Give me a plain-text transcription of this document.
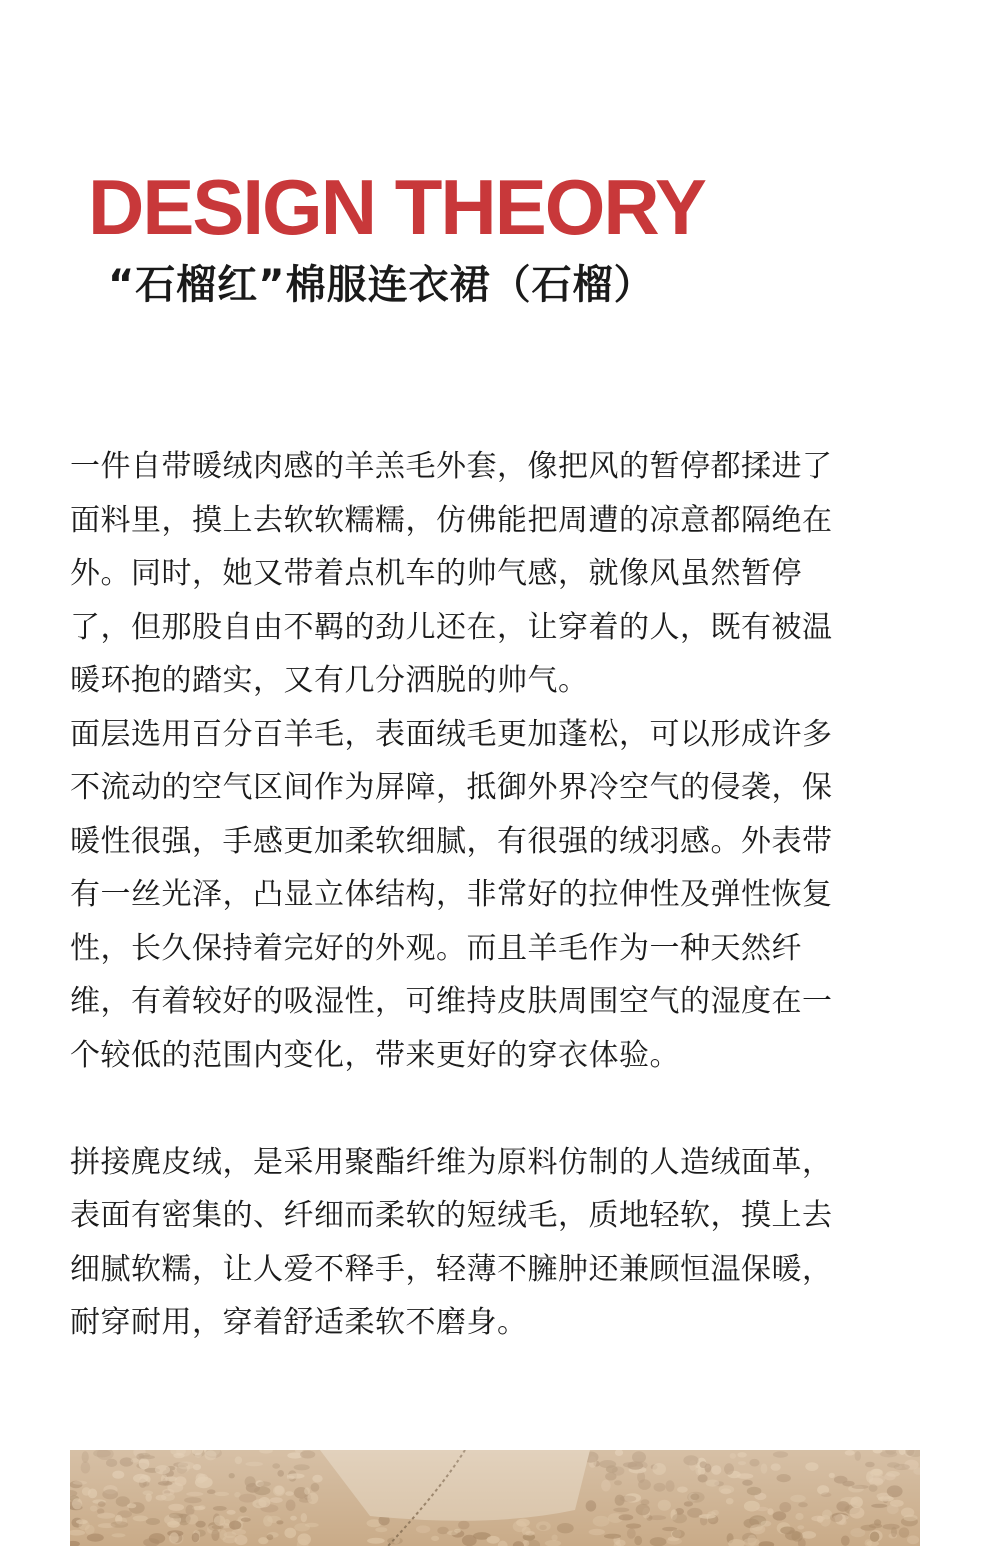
DESIGN THEORY
“石榴红”棉服连衣裙（石榴）
一件自带暖绒肉感的羊羔毛外套，像把风的暂停都揉进了
面料里，摸上去软软糯糯，仿佛能把周遭的凉意都隔绝在
外。同时，她又带着点机车的帅气感，就像风虽然暂停
了，但那股自由不羁的劲儿还在，让穿着的人，既有被温
暖环抱的踏实，又有几分洒脱的帅气。
面层选用百分百羊毛，表面绒毛更加蓬松，可以形成许多
不流动的空气区间作为屏障，抵御外界冷空气的侵袭，保
暖性很强，手感更加柔软细腻，有很强的绒羽感。外表带
有一丝光泽，凸显立体结构，非常好的拉伸性及弹性恢复
性，长久保持着完好的外观。而且羊毛作为一种天然纤
维，有着较好的吸湿性，可维持皮肤周围空气的湿度在一
个较低的范围内变化，带来更好的穿衣体验。
拼接麂皮绒，是采用聚酯纤维为原料仿制的人造绒面革，
表面有密集的、纤细而柔软的短绒毛，质地轻软，摸上去
细腻软糯，让人爱不释手，轻薄不臃肿还兼顾恒温保暖，
耐穿耐用，穿着舒适柔软不磨身。
